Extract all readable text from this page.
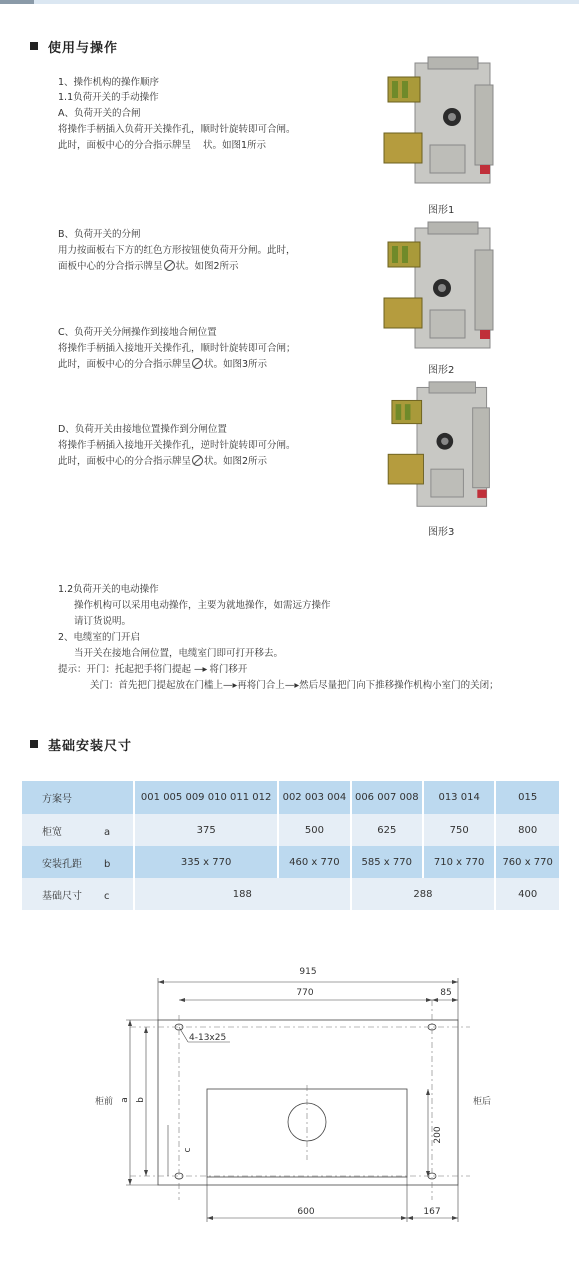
使用与操作
1、操作机构的操作顺序
1.1负荷开关的手动操作
A、负荷开关的合闸
将操作手柄插入负荷开关操作孔，顺时针旋转即可合闸。
此时，面板中心的分合指示牌呈 状。如图1所示
B、负荷开关的分闸
用力按面板右下方的红色方形按钮使负荷开分闸。此时，
面板中心的分合指示牌呈 状。如图2所示
C、负荷开关分闸操作到接地合闸位置
将操作手柄插入接地开关操作孔，顺时针旋转即可合闸；
此时，面板中心的分合指示牌呈 状。如图3所示
D、负荷开关由接地位置操作到分闸位置
将操作手柄插入接地开关操作孔，逆时针旋转即可分闸。
此时，面板中心的分合指示牌呈 状。如图2所示
图形1
图形2
图形3
1.2负荷开关的电动操作
操作机构可以采用电动操作，主要为就地操作，如需远方操作
请订货说明。
2、电缆室的门开启
当开关在接地合闸位置，电缆室门即可打开移去。
提示：开门：托起把手将门提起 —▸ 将门移开
关门：首先把门提起放在门槛上—▸再将门合上—▸然后尽量把门向下推移操作机构小室门的关闭；
基础安装尺寸
方案号	001 005 009 010 011 012	002 003 004	006 007 008	013 014	015
柜宽 a	375	500	625	750	800
安装孔距 b	335 x 770	460 x 770	585 x 770	710 x 770	760 x 770
基础尺寸 c	188		288		400
915
770	85
4-13x25
柜前	柜后
a b
c
200
600	167
